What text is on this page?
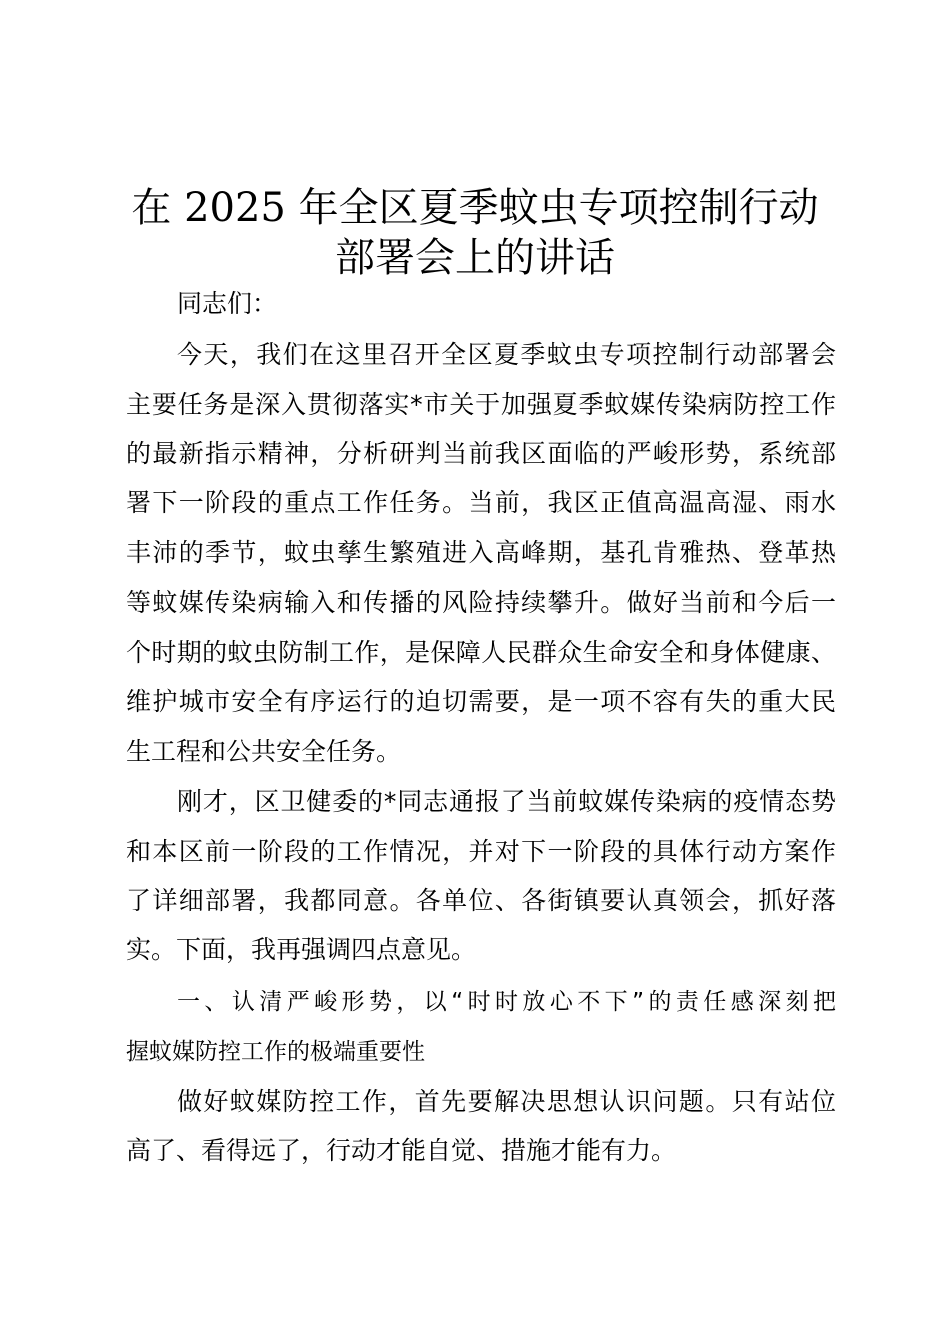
在 2025 年全区夏季蚊虫专项控制行动
部署会上的讲话
同志们：
今天，我们在这里召开全区夏季蚊虫专项控制行动部署会
主要任务是深入贯彻落实*市关于加强夏季蚊媒传染病防控工作
的最新指示精神，分析研判当前我区面临的严峻形势，系统部
署下一阶段的重点工作任务。当前，我区正值高温高湿、雨水
丰沛的季节，蚊虫孳生繁殖进入高峰期，基孔肯雅热、登革热
等蚊媒传染病输入和传播的风险持续攀升。做好当前和今后一
个时期的蚊虫防制工作，是保障人民群众生命安全和身体健康、
维护城市安全有序运行的迫切需要，是一项不容有失的重大民
生工程和公共安全任务。
刚才，区卫健委的*同志通报了当前蚊媒传染病的疫情态势
和本区前一阶段的工作情况，并对下一阶段的具体行动方案作
了详细部署，我都同意。各单位、各街镇要认真领会，抓好落
实。下面，我再强调四点意见。
一、认清严峻形势，以“时时放心不下”的责任感深刻把
握蚊媒防控工作的极端重要性
做好蚊媒防控工作，首先要解决思想认识问题。只有站位
高了、看得远了，行动才能自觉、措施才能有力。
